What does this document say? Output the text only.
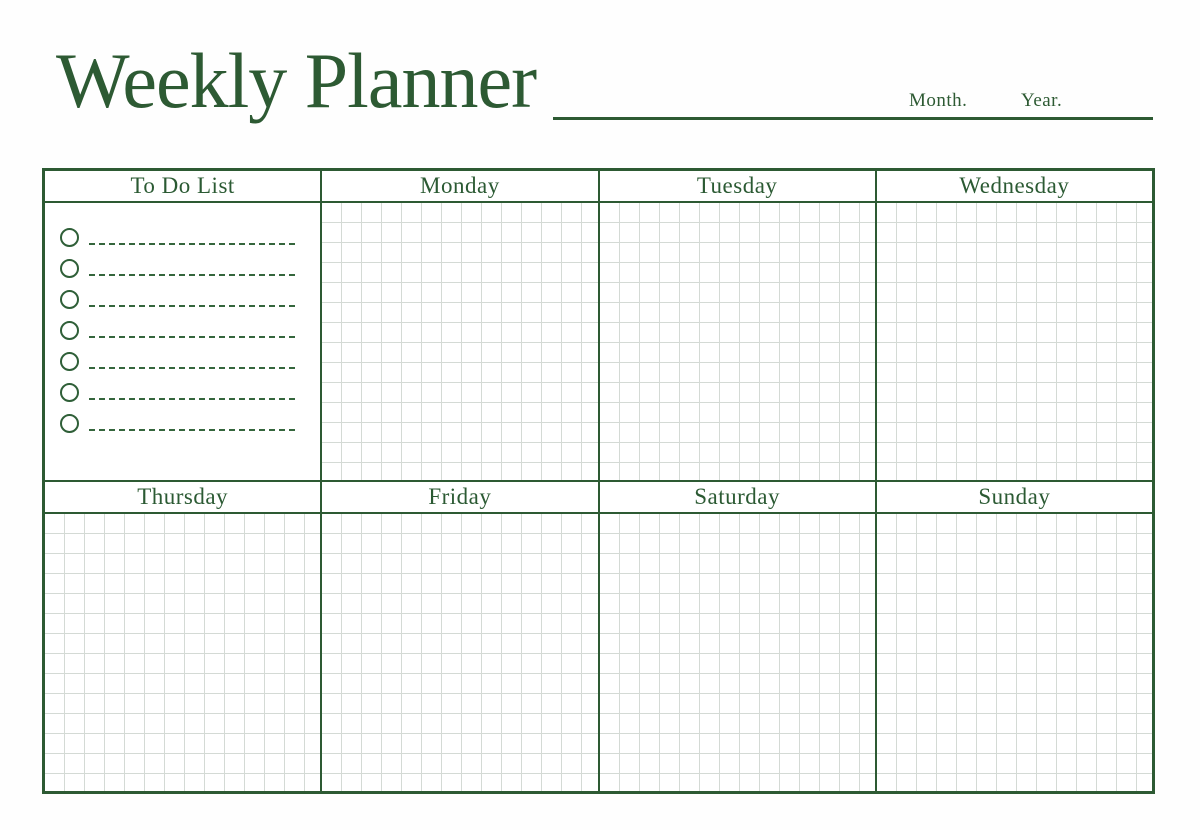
Weekly Planner	Month.	Year.
To Do List	Monday	Tuesday	Wednesday
Thursday	Friday	Saturday	Sunday
